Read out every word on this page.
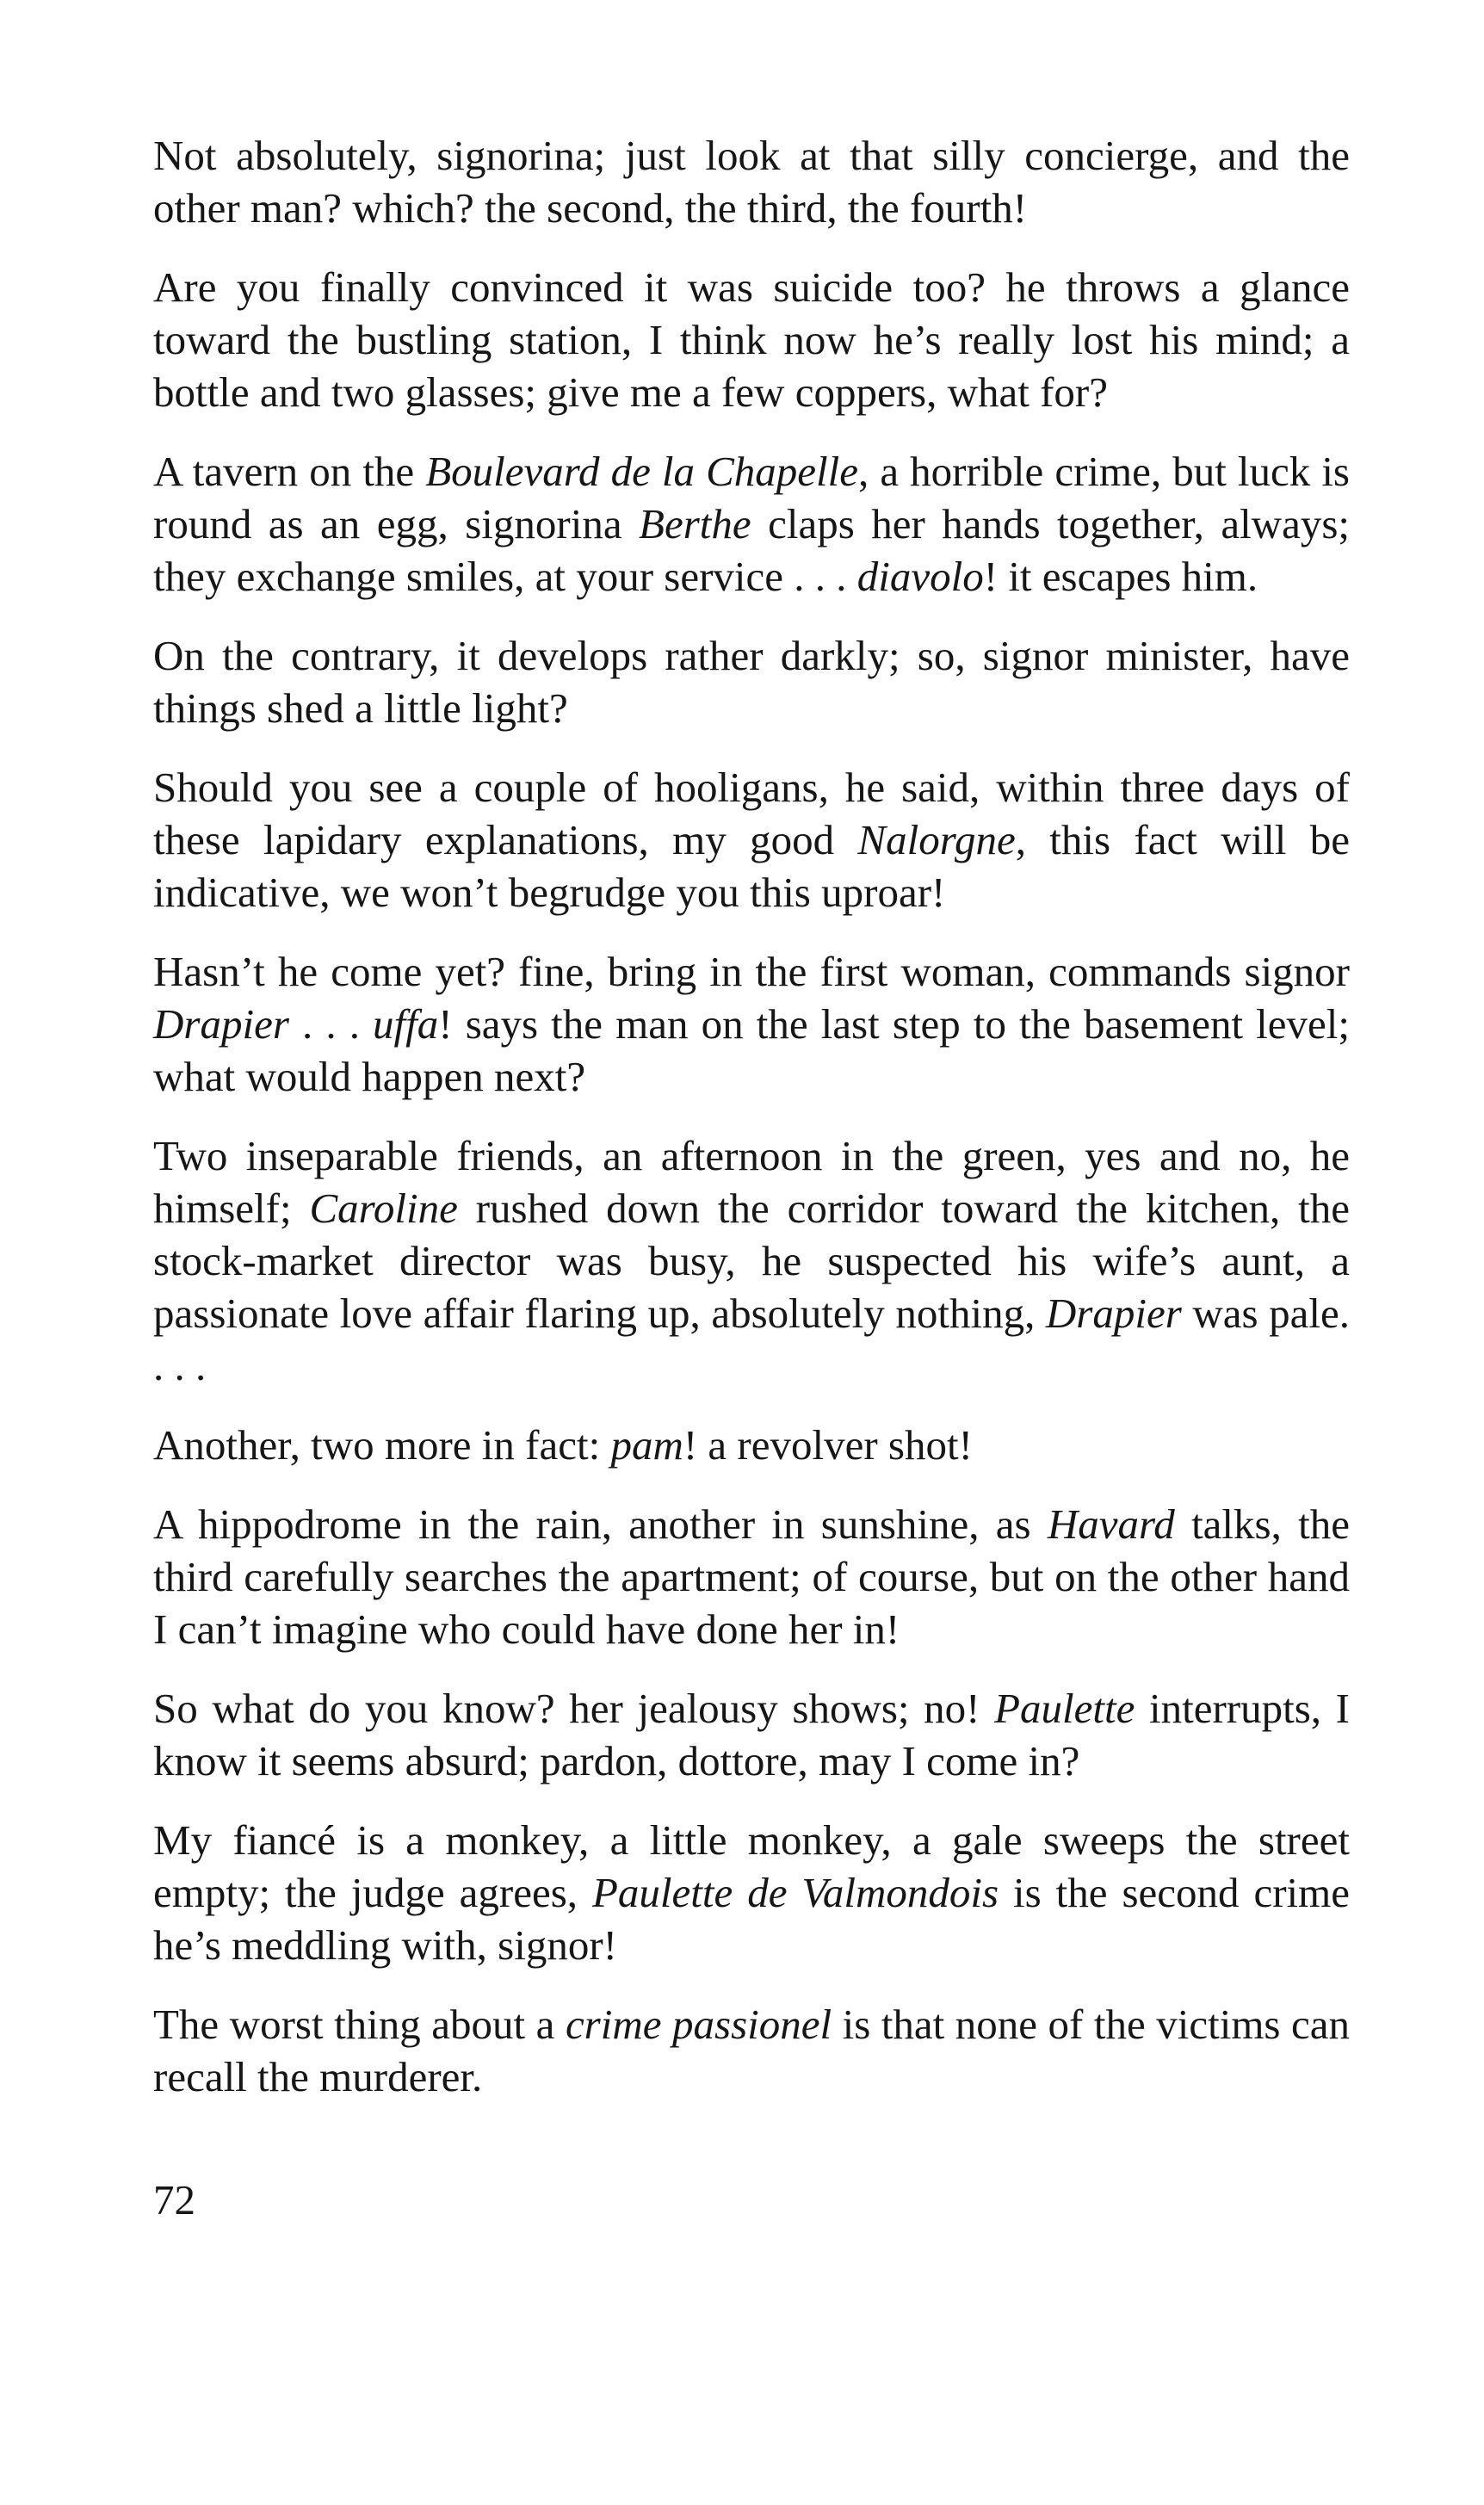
Not absolutely, signorina; just look at that silly concierge, and the other man? which? the second, the third, the fourth!

Are you finally convinced it was suicide too? he throws a glance toward the bustling station, I think now he’s really lost his mind; a bottle and two glasses; give me a few coppers, what for?

A tavern on the Boulevard de la Chapelle, a horrible crime, but luck is round as an egg, signorina Berthe claps her hands together, always; they exchange smiles, at your service . . . diavolo! it escapes him.

On the contrary, it develops rather darkly; so, signor minister, have things shed a little light?

Should you see a couple of hooligans, he said, within three days of these lapidary explanations, my good Nalorgne, this fact will be indicative, we won’t begrudge you this uproar!

Hasn’t he come yet? fine, bring in the first woman, commands signor Drapier . . . uffa! says the man on the last step to the basement level; what would happen next?

Two inseparable friends, an afternoon in the green, yes and no, he himself; Caroline rushed down the corridor toward the kitchen, the stock-market director was busy, he suspected his wife’s aunt, a passionate love affair flaring up, absolutely nothing, Drapier was pale. . . .

Another, two more in fact: pam! a revolver shot!

A hippodrome in the rain, another in sunshine, as Havard talks, the third carefully searches the apartment; of course, but on the other hand I can’t imagine who could have done her in!

So what do you know? her jealousy shows; no! Paulette interrupts, I know it seems absurd; pardon, dottore, may I come in?

My fiancé is a monkey, a little monkey, a gale sweeps the street empty; the judge agrees, Paulette de Valmondois is the second crime he’s meddling with, signor!

The worst thing about a crime passionel is that none of the victims can recall the murderer.

72
